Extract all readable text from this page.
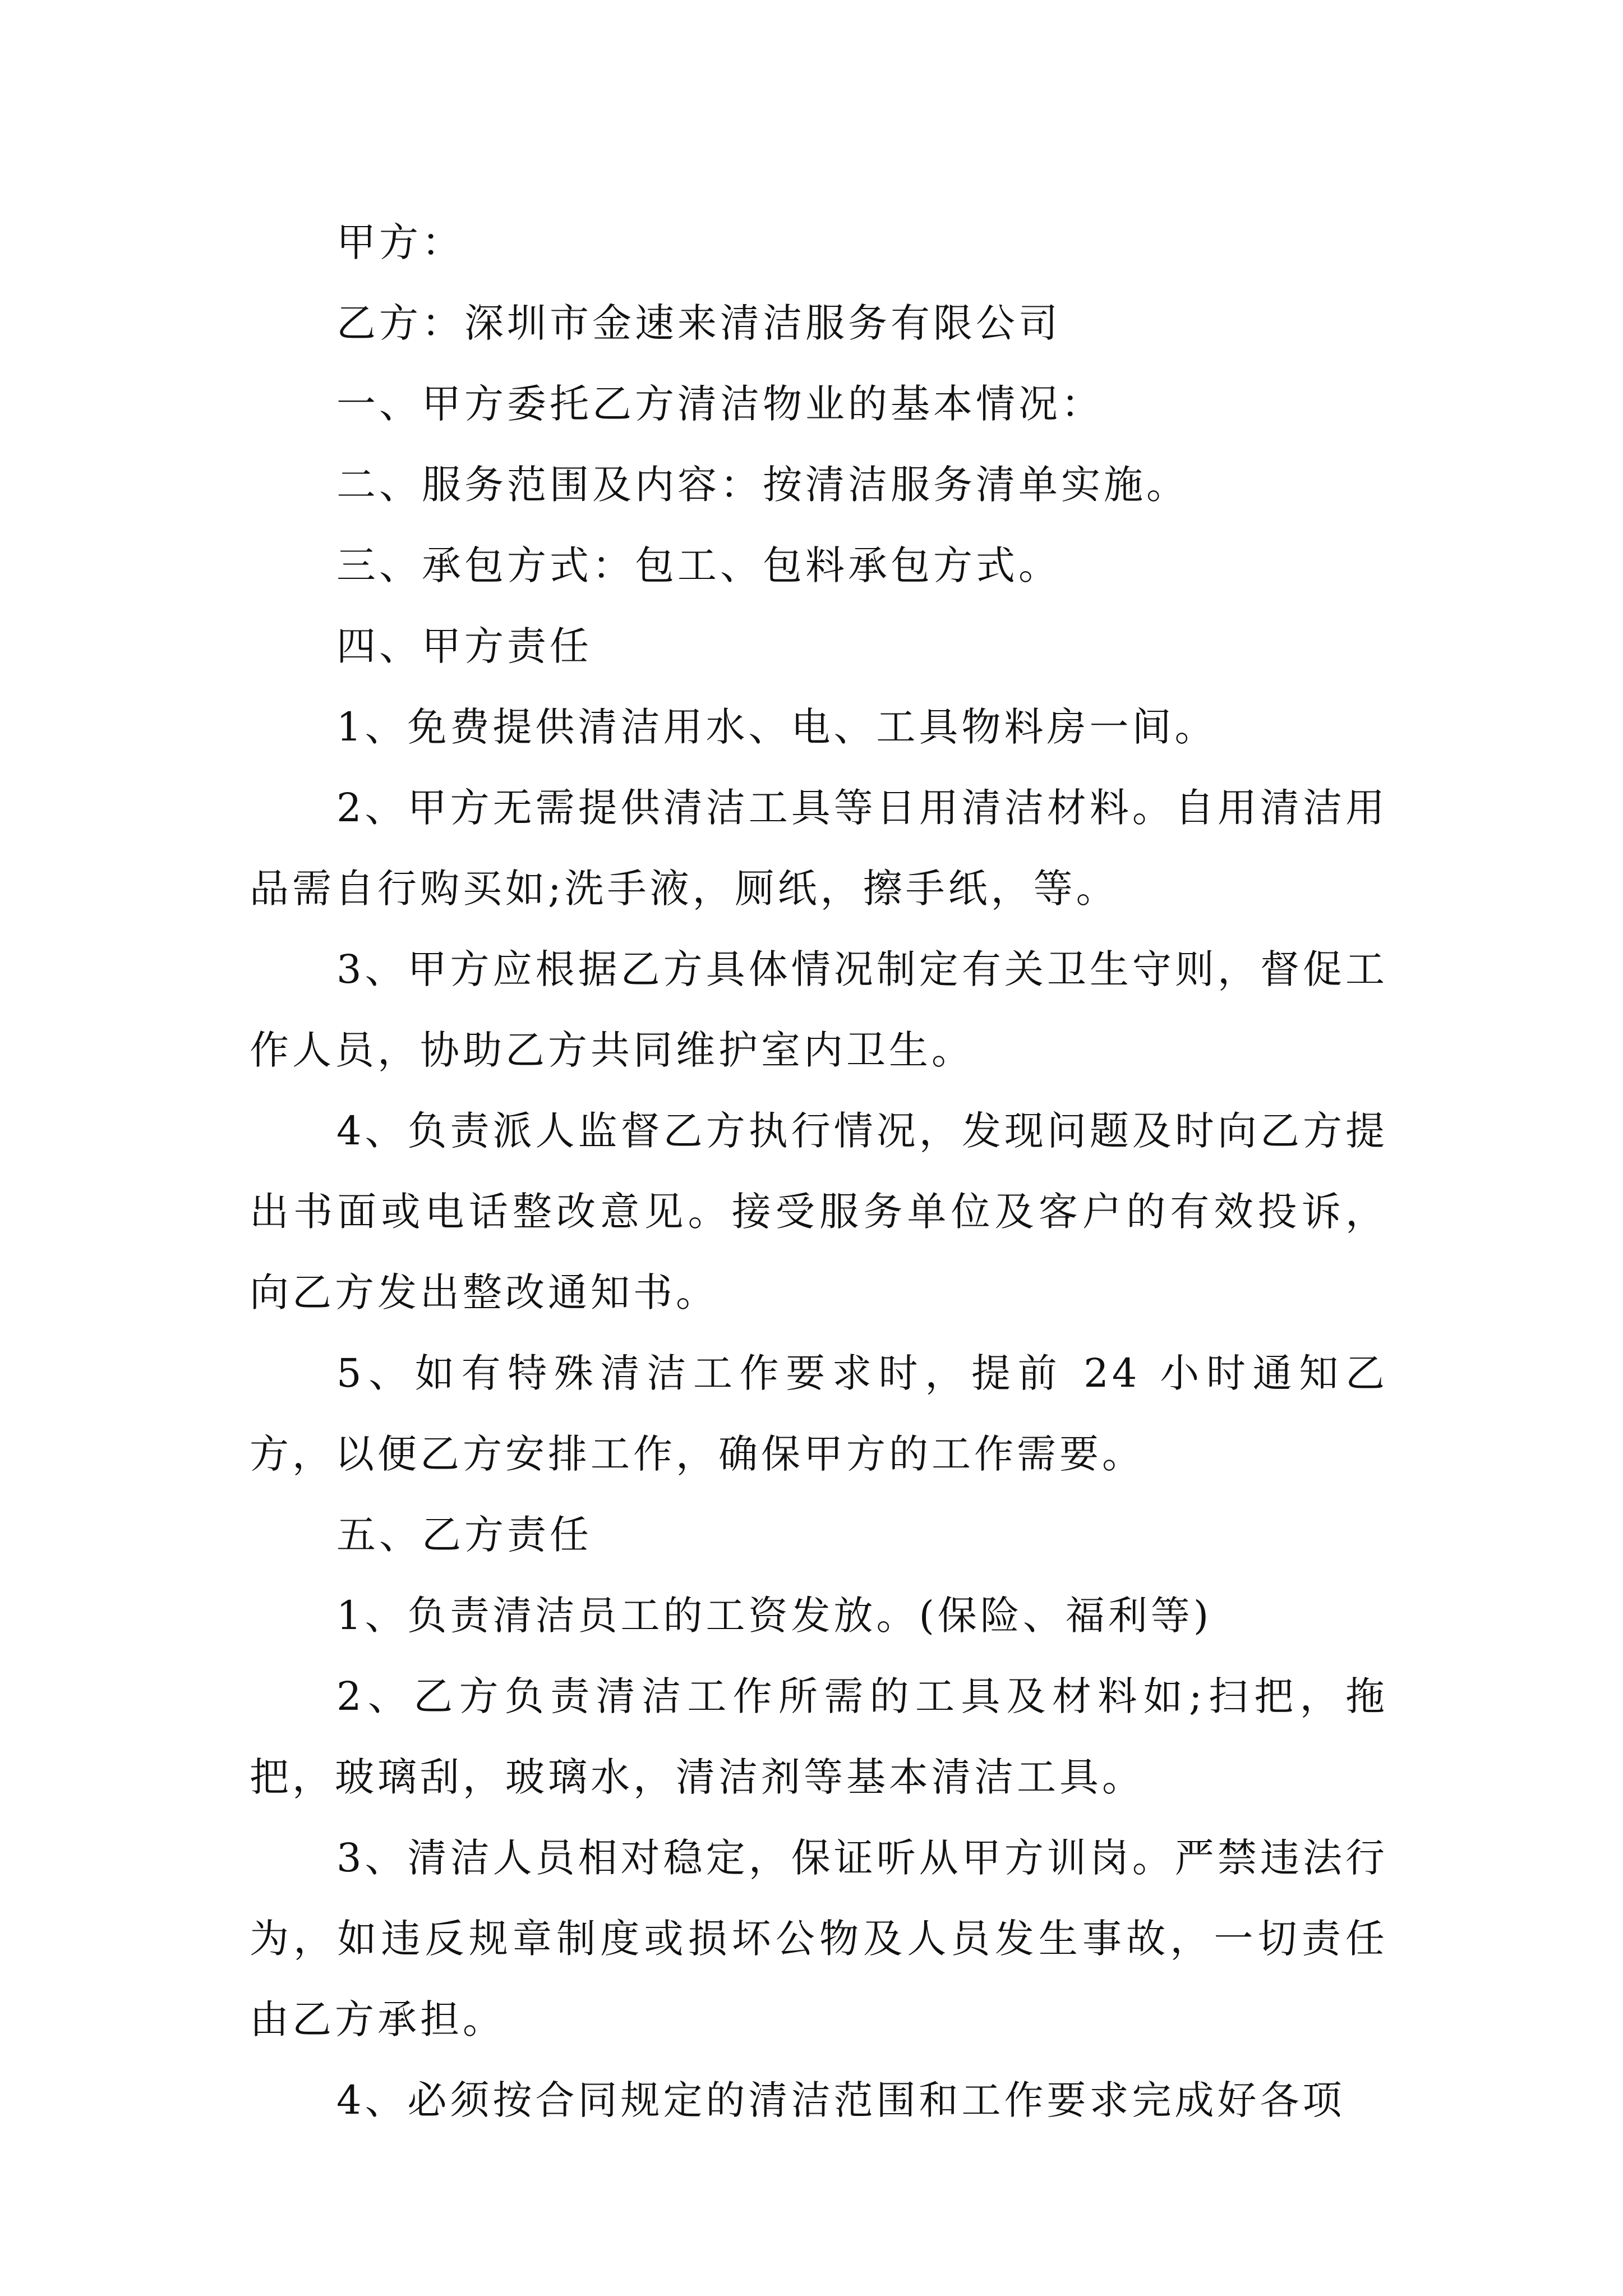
甲方：

乙方：深圳市金速来清洁服务有限公司

一、甲方委托乙方清洁物业的基本情况：

二、服务范围及内容：按清洁服务清单实施。

三、承包方式：包工、包料承包方式。

四、甲方责任

1、免费提供清洁用水、电、工具物料房一间。

2、甲方无需提供清洁工具等日用清洁材料。自用清洁用品需自行购买如;洗手液，厕纸，擦手纸，等。

3、甲方应根据乙方具体情况制定有关卫生守则，督促工作人员，协助乙方共同维护室内卫生。

4、负责派人监督乙方执行情况，发现问题及时向乙方提出书面或电话整改意见。接受服务单位及客户的有效投诉，向乙方发出整改通知书。

5、如有特殊清洁工作要求时，提前 24 小时通知乙方，以便乙方安排工作，确保甲方的工作需要。

五、乙方责任

1、负责清洁员工的工资发放。(保险、福利等)

2、乙方负责清洁工作所需的工具及材料如;扫把，拖把，玻璃刮，玻璃水，清洁剂等基本清洁工具。

3、清洁人员相对稳定，保证听从甲方训岗。严禁违法行为，如违反规章制度或损坏公物及人员发生事故，一切责任由乙方承担。

4、必须按合同规定的清洁范围和工作要求完成好各项
